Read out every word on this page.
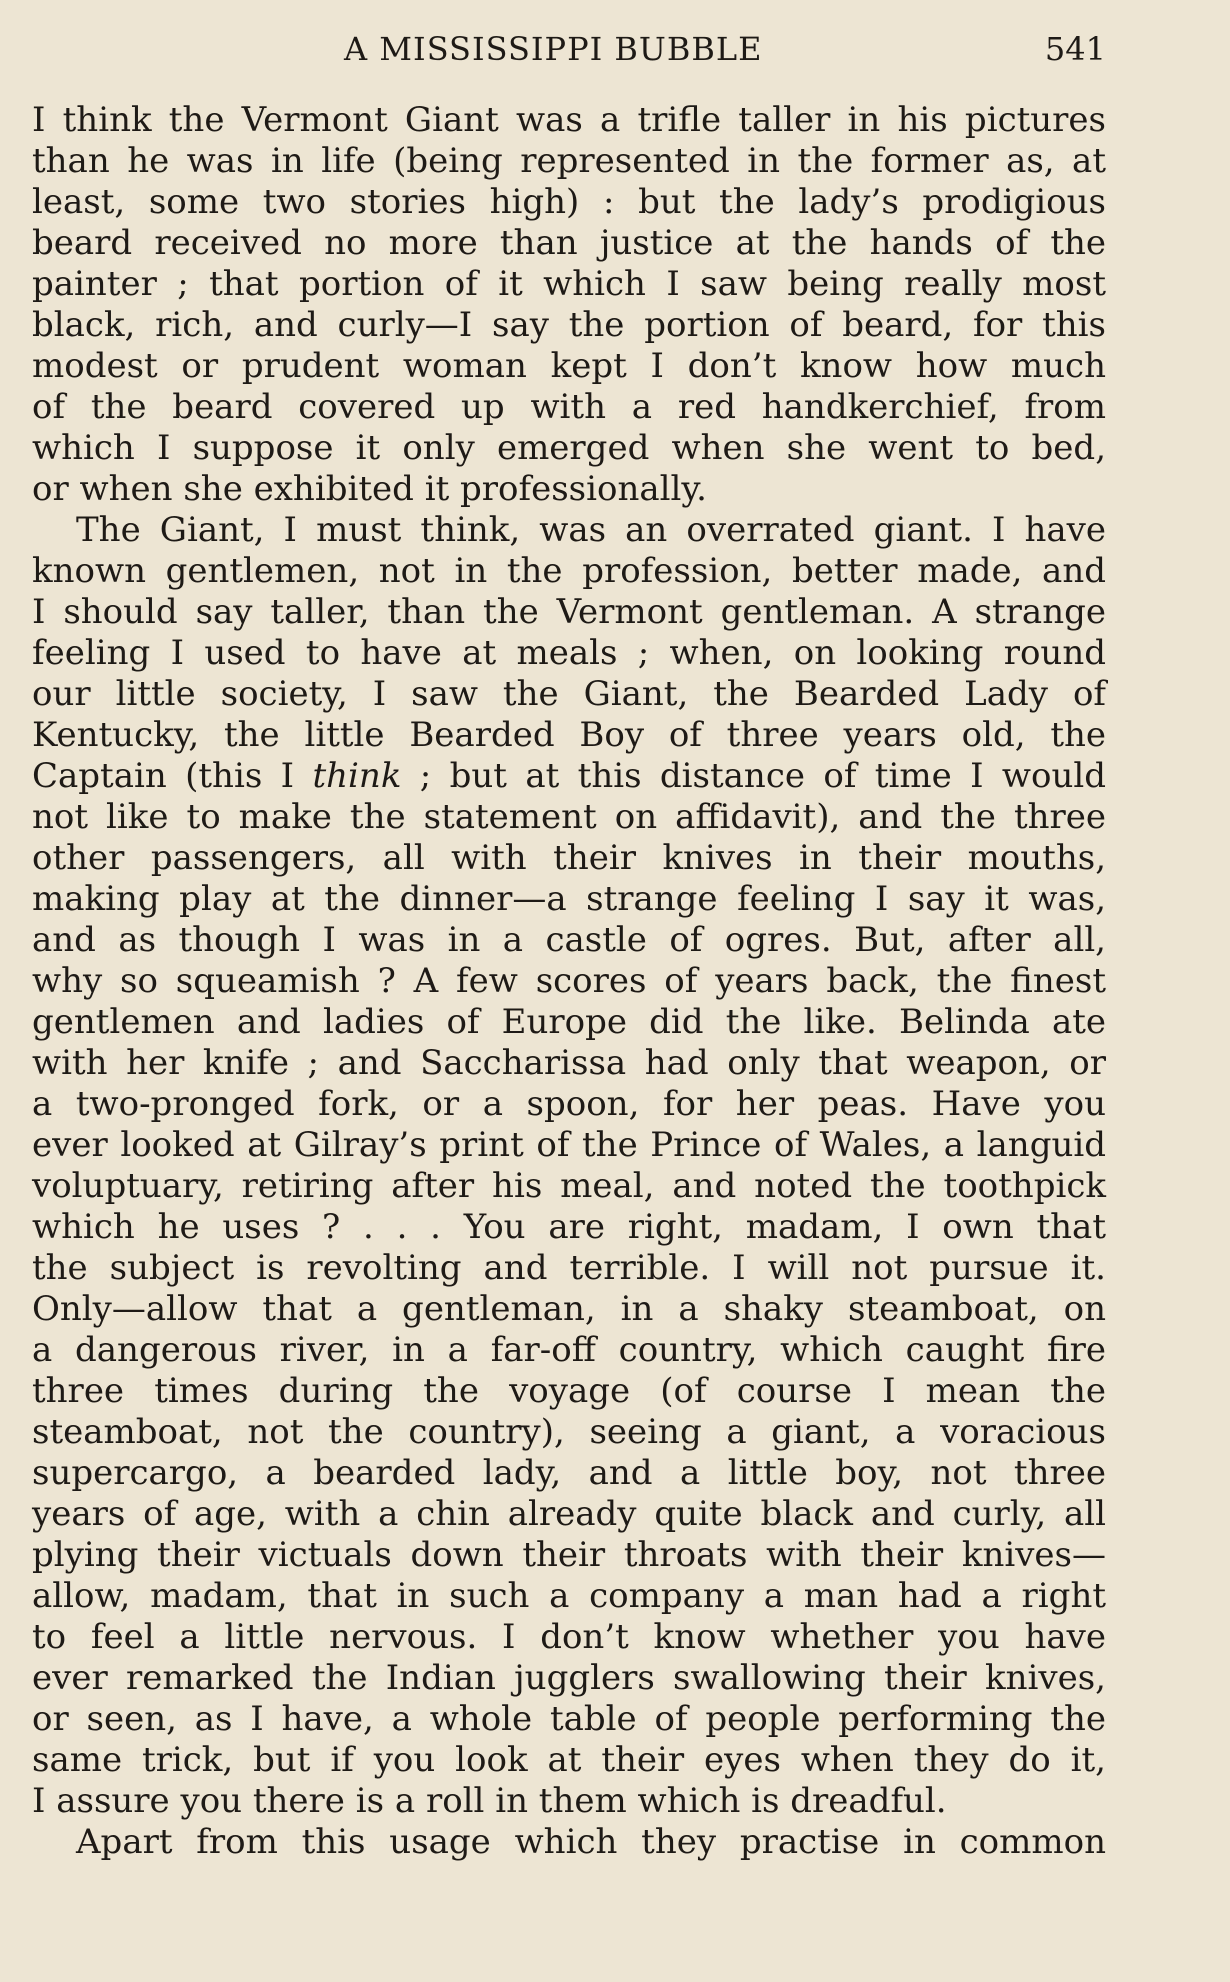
A MISSISSIPPI BUBBLE	541
I think the Vermont Giant was a trifle taller in his pictures
than he was in life (being represented in the former as, at
least, some two stories high) : but the lady’s prodigious
beard received no more than justice at the hands of the
painter ; that portion of it which I saw being really most
black, rich, and curly—I say the portion of beard, for this
modest or prudent woman kept I don’t know how much
of the beard covered up with a red handkerchief, from
which I suppose it only emerged when she went to bed,
or when she exhibited it professionally.
The Giant, I must think, was an overrated giant. I have
known gentlemen, not in the profession, better made, and
I should say taller, than the Vermont gentleman. A strange
feeling I used to have at meals ; when, on looking round
our little society, I saw the Giant, the Bearded Lady of
Kentucky, the little Bearded Boy of three years old, the
Captain (this I think ; but at this distance of time I would
not like to make the statement on affidavit), and the three
other passengers, all with their knives in their mouths,
making play at the dinner—a strange feeling I say it was,
and as though I was in a castle of ogres. But, after all,
why so squeamish ? A few scores of years back, the finest
gentlemen and ladies of Europe did the like. Belinda ate
with her knife ; and Saccharissa had only that weapon, or
a two-pronged fork, or a spoon, for her peas. Have you
ever looked at Gilray’s print of the Prince of Wales, a languid
voluptuary, retiring after his meal, and noted the toothpick
which he uses ? . . . You are right, madam, I own that
the subject is revolting and terrible. I will not pursue it.
Only—allow that a gentleman, in a shaky steamboat, on
a dangerous river, in a far-off country, which caught fire
three times during the voyage (of course I mean the
steamboat, not the country), seeing a giant, a voracious
supercargo, a bearded lady, and a little boy, not three
years of age, with a chin already quite black and curly, all
plying their victuals down their throats with their knives—
allow, madam, that in such a company a man had a right
to feel a little nervous. I don’t know whether you have
ever remarked the Indian jugglers swallowing their knives,
or seen, as I have, a whole table of people performing the
same trick, but if you look at their eyes when they do it,
I assure you there is a roll in them which is dreadful.
Apart from this usage which they practise in common
